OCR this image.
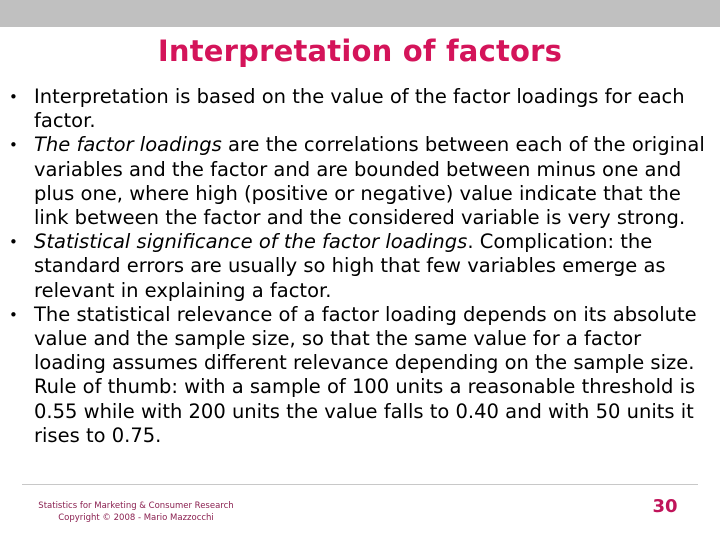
Interpretation of factors
• Interpretation is based on the value of the factor loadings for each factor.
• The factor loadings are the correlations between each of the original variables and the factor and are bounded between minus one and plus one, where high (positive or negative) value indicate that the link between the factor and the considered variable is very strong.
• Statistical significance of the factor loadings. Complication: the standard errors are usually so high that few variables emerge as relevant in explaining a factor.
• The statistical relevance of a factor loading depends on its absolute value and the sample size, so that the same value for a factor loading assumes different relevance depending on the sample size. Rule of thumb: with a sample of 100 units a reasonable threshold is 0.55 while with 200 units the value falls to 0.40 and with 50 units it rises to 0.75.
Statistics for Marketing & Consumer Research
Copyright © 2008 - Mario Mazzocchi
30
